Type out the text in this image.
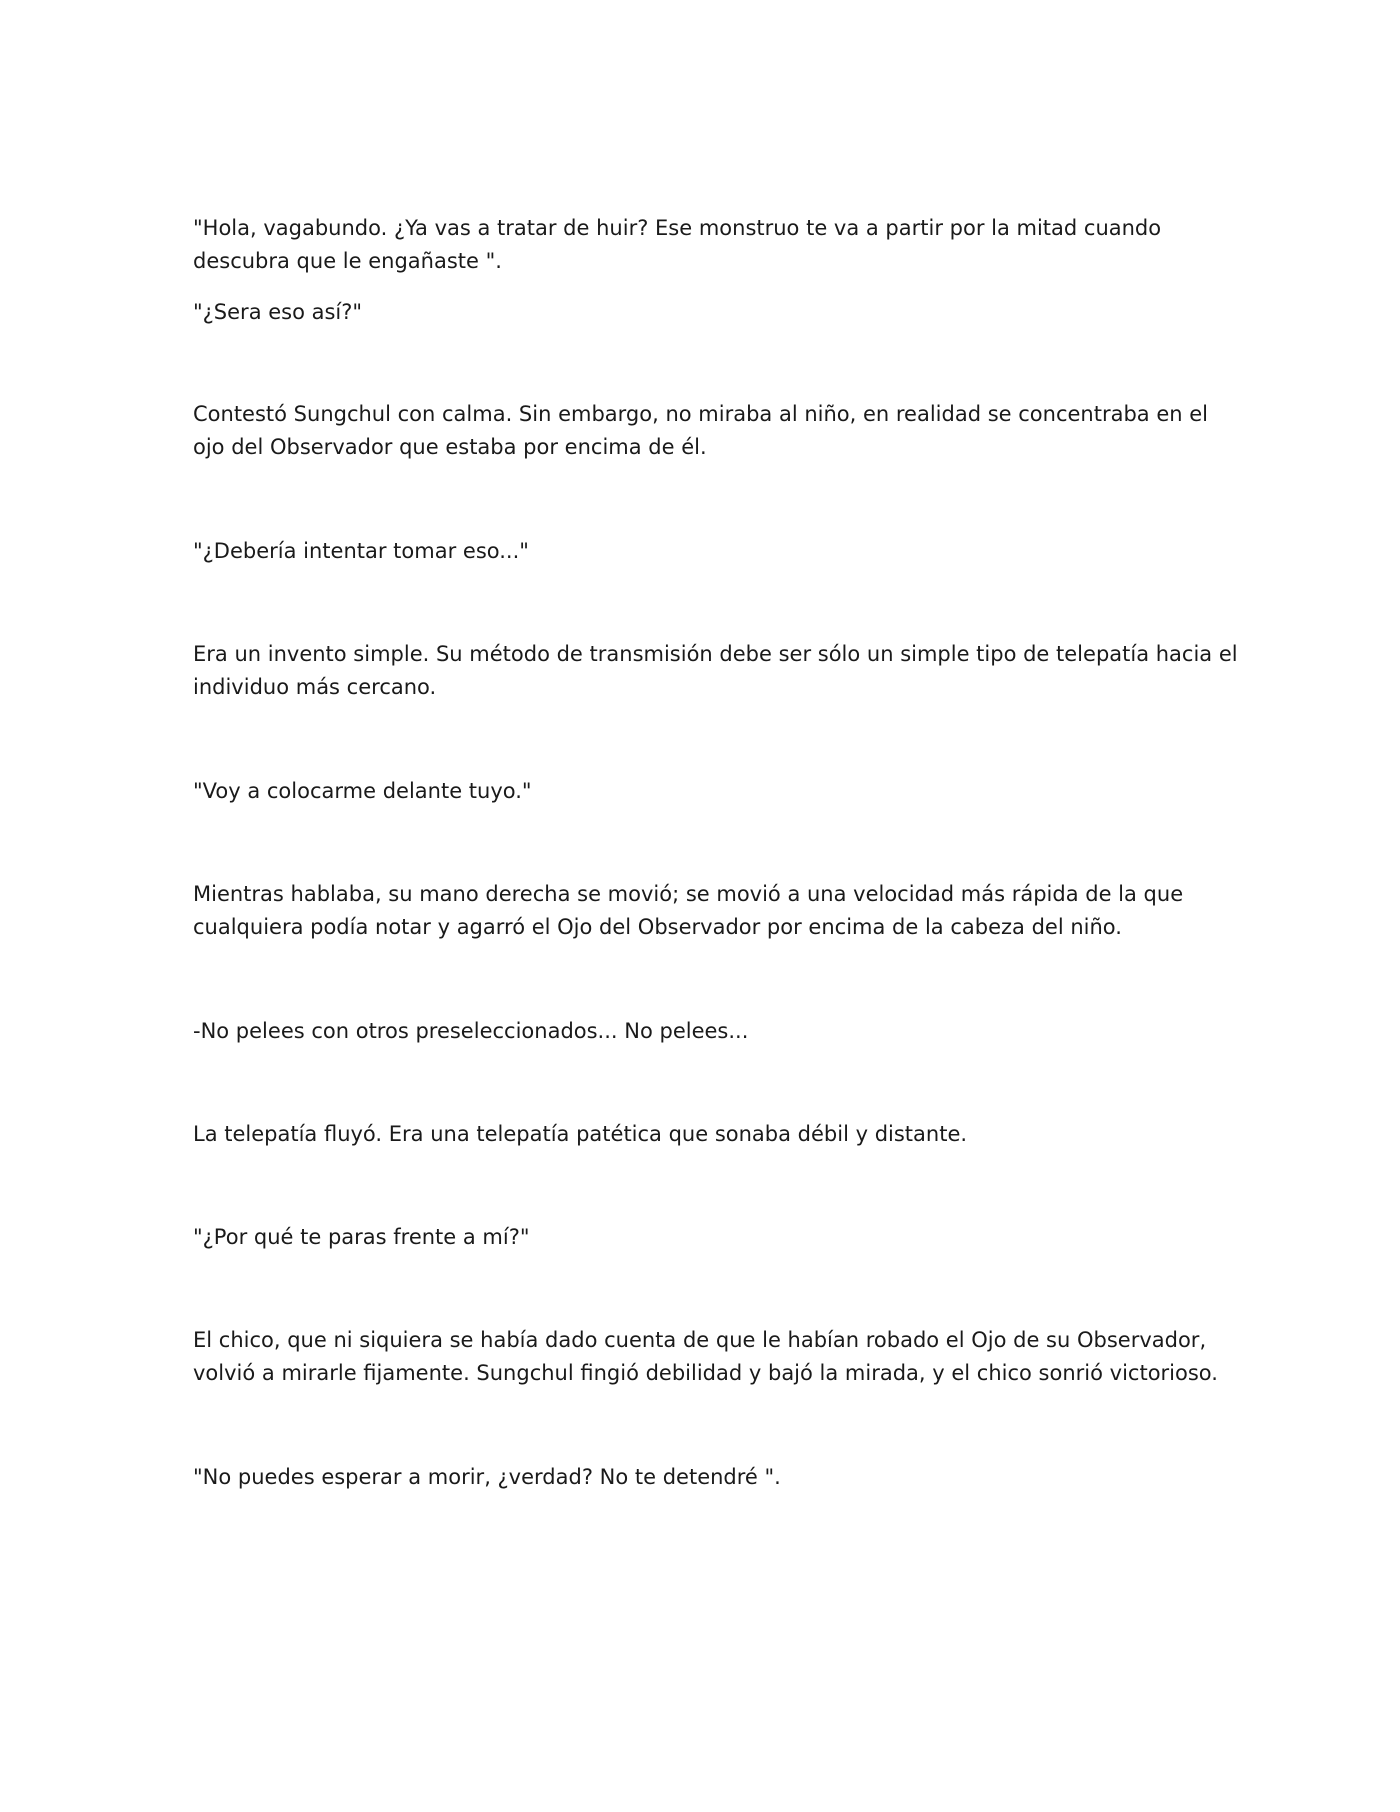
"Hola, vagabundo. ¿Ya vas a tratar de huir? Ese monstruo te va a partir por la mitad cuando
descubra que le engañaste ".

"¿Sera eso así?"

Contestó Sungchul con calma. Sin embargo, no miraba al niño, en realidad se concentraba en el
ojo del Observador que estaba por encima de él.

"¿Debería intentar tomar eso..."

Era un invento simple. Su método de transmisión debe ser sólo un simple tipo de telepatía hacia el
individuo más cercano.

"Voy a colocarme delante tuyo."

Mientras hablaba, su mano derecha se movió; se movió a una velocidad más rápida de la que
cualquiera podía notar y agarró el Ojo del Observador por encima de la cabeza del niño.

-No pelees con otros preseleccionados... No pelees...

La telepatía fluyó. Era una telepatía patética que sonaba débil y distante.

"¿Por qué te paras frente a mí?"

El chico, que ni siquiera se había dado cuenta de que le habían robado el Ojo de su Observador,
volvió a mirarle fijamente. Sungchul fingió debilidad y bajó la mirada, y el chico sonrió victorioso.

"No puedes esperar a morir, ¿verdad? No te detendré ".
